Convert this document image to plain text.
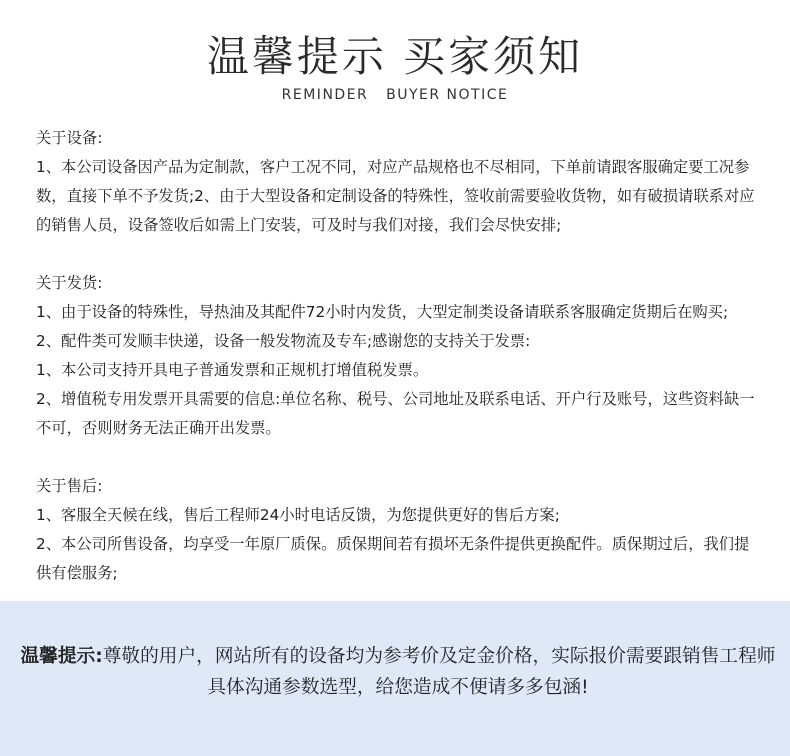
温馨提示 买家须知
REMINDER   BUYER NOTICE

关于设备:

1、本公司设备因产品为定制款，客户工况不同，对应产品规格也不尽相同，下单前请跟客服确定要工况参数，直接下单不予发货;2、由于大型设备和定制设备的特殊性，签收前需要验收货物，如有破损请联系对应的销售人员，设备签收后如需上门安装，可及时与我们对接，我们会尽快安排;

关于发货:

1、由于设备的特殊性，导热油及其配件72小时内发货，大型定制类设备请联系客服确定货期后在购买;

2、配件类可发顺丰快递，设备一般发物流及专车;感谢您的支持关于发票:

1、本公司支持开具电子普通发票和正规机打增值税发票。

2、增值税专用发票开具需要的信息:单位名称、税号、公司地址及联系电话、开户行及账号，这些资料缺一不可，否则财务无法正确开出发票。

关于售后:

1、客服全天候在线，售后工程师24小时电话反馈，为您提供更好的售后方案;

2、本公司所售设备，均享受一年原厂质保。质保期间若有损坏无条件提供更换配件。质保期过后，我们提供有偿服务;

温馨提示:尊敬的用户，网站所有的设备均为参考价及定金价格，实际报价需要跟销售工程师具体沟通参数选型，给您造成不便请多多包涵!
